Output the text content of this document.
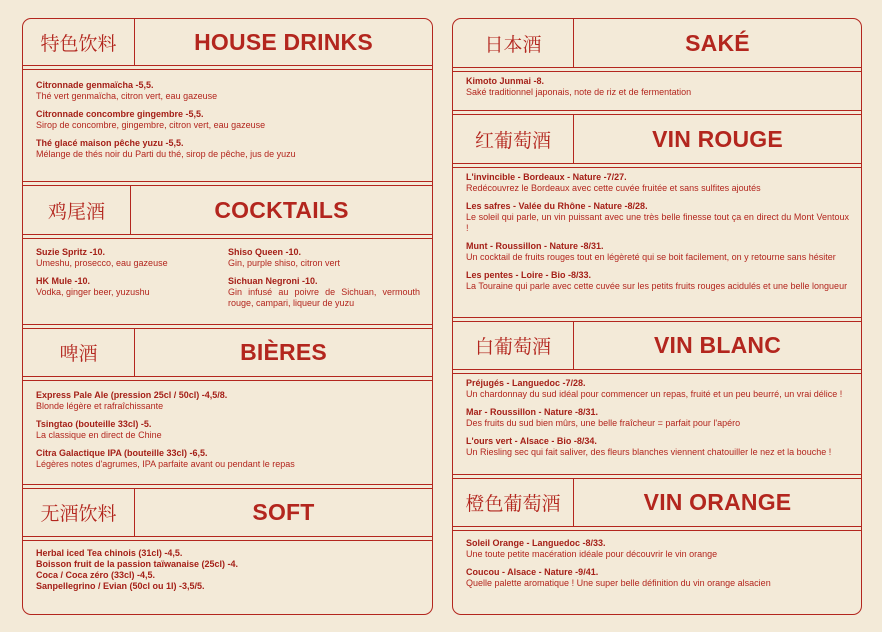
特色饮料	HOUSE DRINKS
Citronnade genmaïcha -5,5.
Thé vert genmaïcha, citron vert, eau gazeuse
Citronnade concombre gingembre -5,5.
Sirop de concombre, gingembre, citron vert, eau gazeuse
Thé glacé maison pêche yuzu -5,5.
Mélange de thés noir du Parti du thé, sirop de pêche, jus de yuzu
鸡尾酒	COCKTAILS
Suzie Spritz -10.
Umeshu, prosecco, eau gazeuse
HK Mule -10.
Vodka, ginger beer, yuzushu
Shiso Queen -10.
Gin, purple shiso, citron vert
Sichuan Negroni -10.
Gin infusé au poivre de Sichuan, vermouth rouge, campari, liqueur de yuzu
啤酒	BIÈRES
Express Pale Ale (pression 25cl / 50cl) -4,5/8.
Blonde légère et rafraîchissante
Tsingtao (bouteille 33cl) -5.
La classique en direct de Chine
Citra Galactique IPA (bouteille 33cl) -6,5.
Légères notes d'agrumes, IPA parfaite avant ou pendant le repas
无酒饮料	SOFT
Herbal iced Tea chinois (31cl) -4,5.
Boisson fruit de la passion taïwanaise (25cl) -4.
Coca / Coca zéro (33cl) -4,5.
Sanpellegrino / Evian (50cl ou 1l) -3,5/5.
日本酒	SAKÉ
Kimoto Junmai -8.
Saké traditionnel japonais, note de riz et de fermentation
红葡萄酒	VIN ROUGE
L'invincible - Bordeaux - Nature -7/27.
Redécouvrez le Bordeaux avec cette cuvée fruitée et sans sulfites ajoutés
Les safres - Valée du Rhône - Nature -8/28.
Le soleil qui parle, un vin puissant avec une très belle finesse tout ça en direct du Mont Ventoux !
Munt - Roussillon - Nature -8/31.
Un cocktail de fruits rouges tout en légèreté qui se boit facilement, on y retourne sans hésiter
Les pentes - Loire - Bio -8/33.
La Touraine qui parle avec cette cuvée sur les petits fruits rouges acidulés et une belle longueur
白葡萄酒	VIN BLANC
Préjugés - Languedoc -7/28.
Un chardonnay du sud idéal pour commencer un repas, fruité et un peu beurré, un vrai délice !
Mar - Roussillon - Nature -8/31.
Des fruits du sud bien mûrs, une belle fraîcheur = parfait pour l'apéro
L'ours vert - Alsace - Bio -8/34.
Un Riesling sec qui fait saliver, des fleurs blanches viennent chatouiller le nez et la bouche !
橙色葡萄酒	VIN ORANGE
Soleil Orange - Languedoc -8/33.
Une toute petite macération idéale pour découvrir le vin orange
Coucou - Alsace - Nature -9/41.
Quelle palette aromatique ! Une super belle définition du vin orange alsacien
